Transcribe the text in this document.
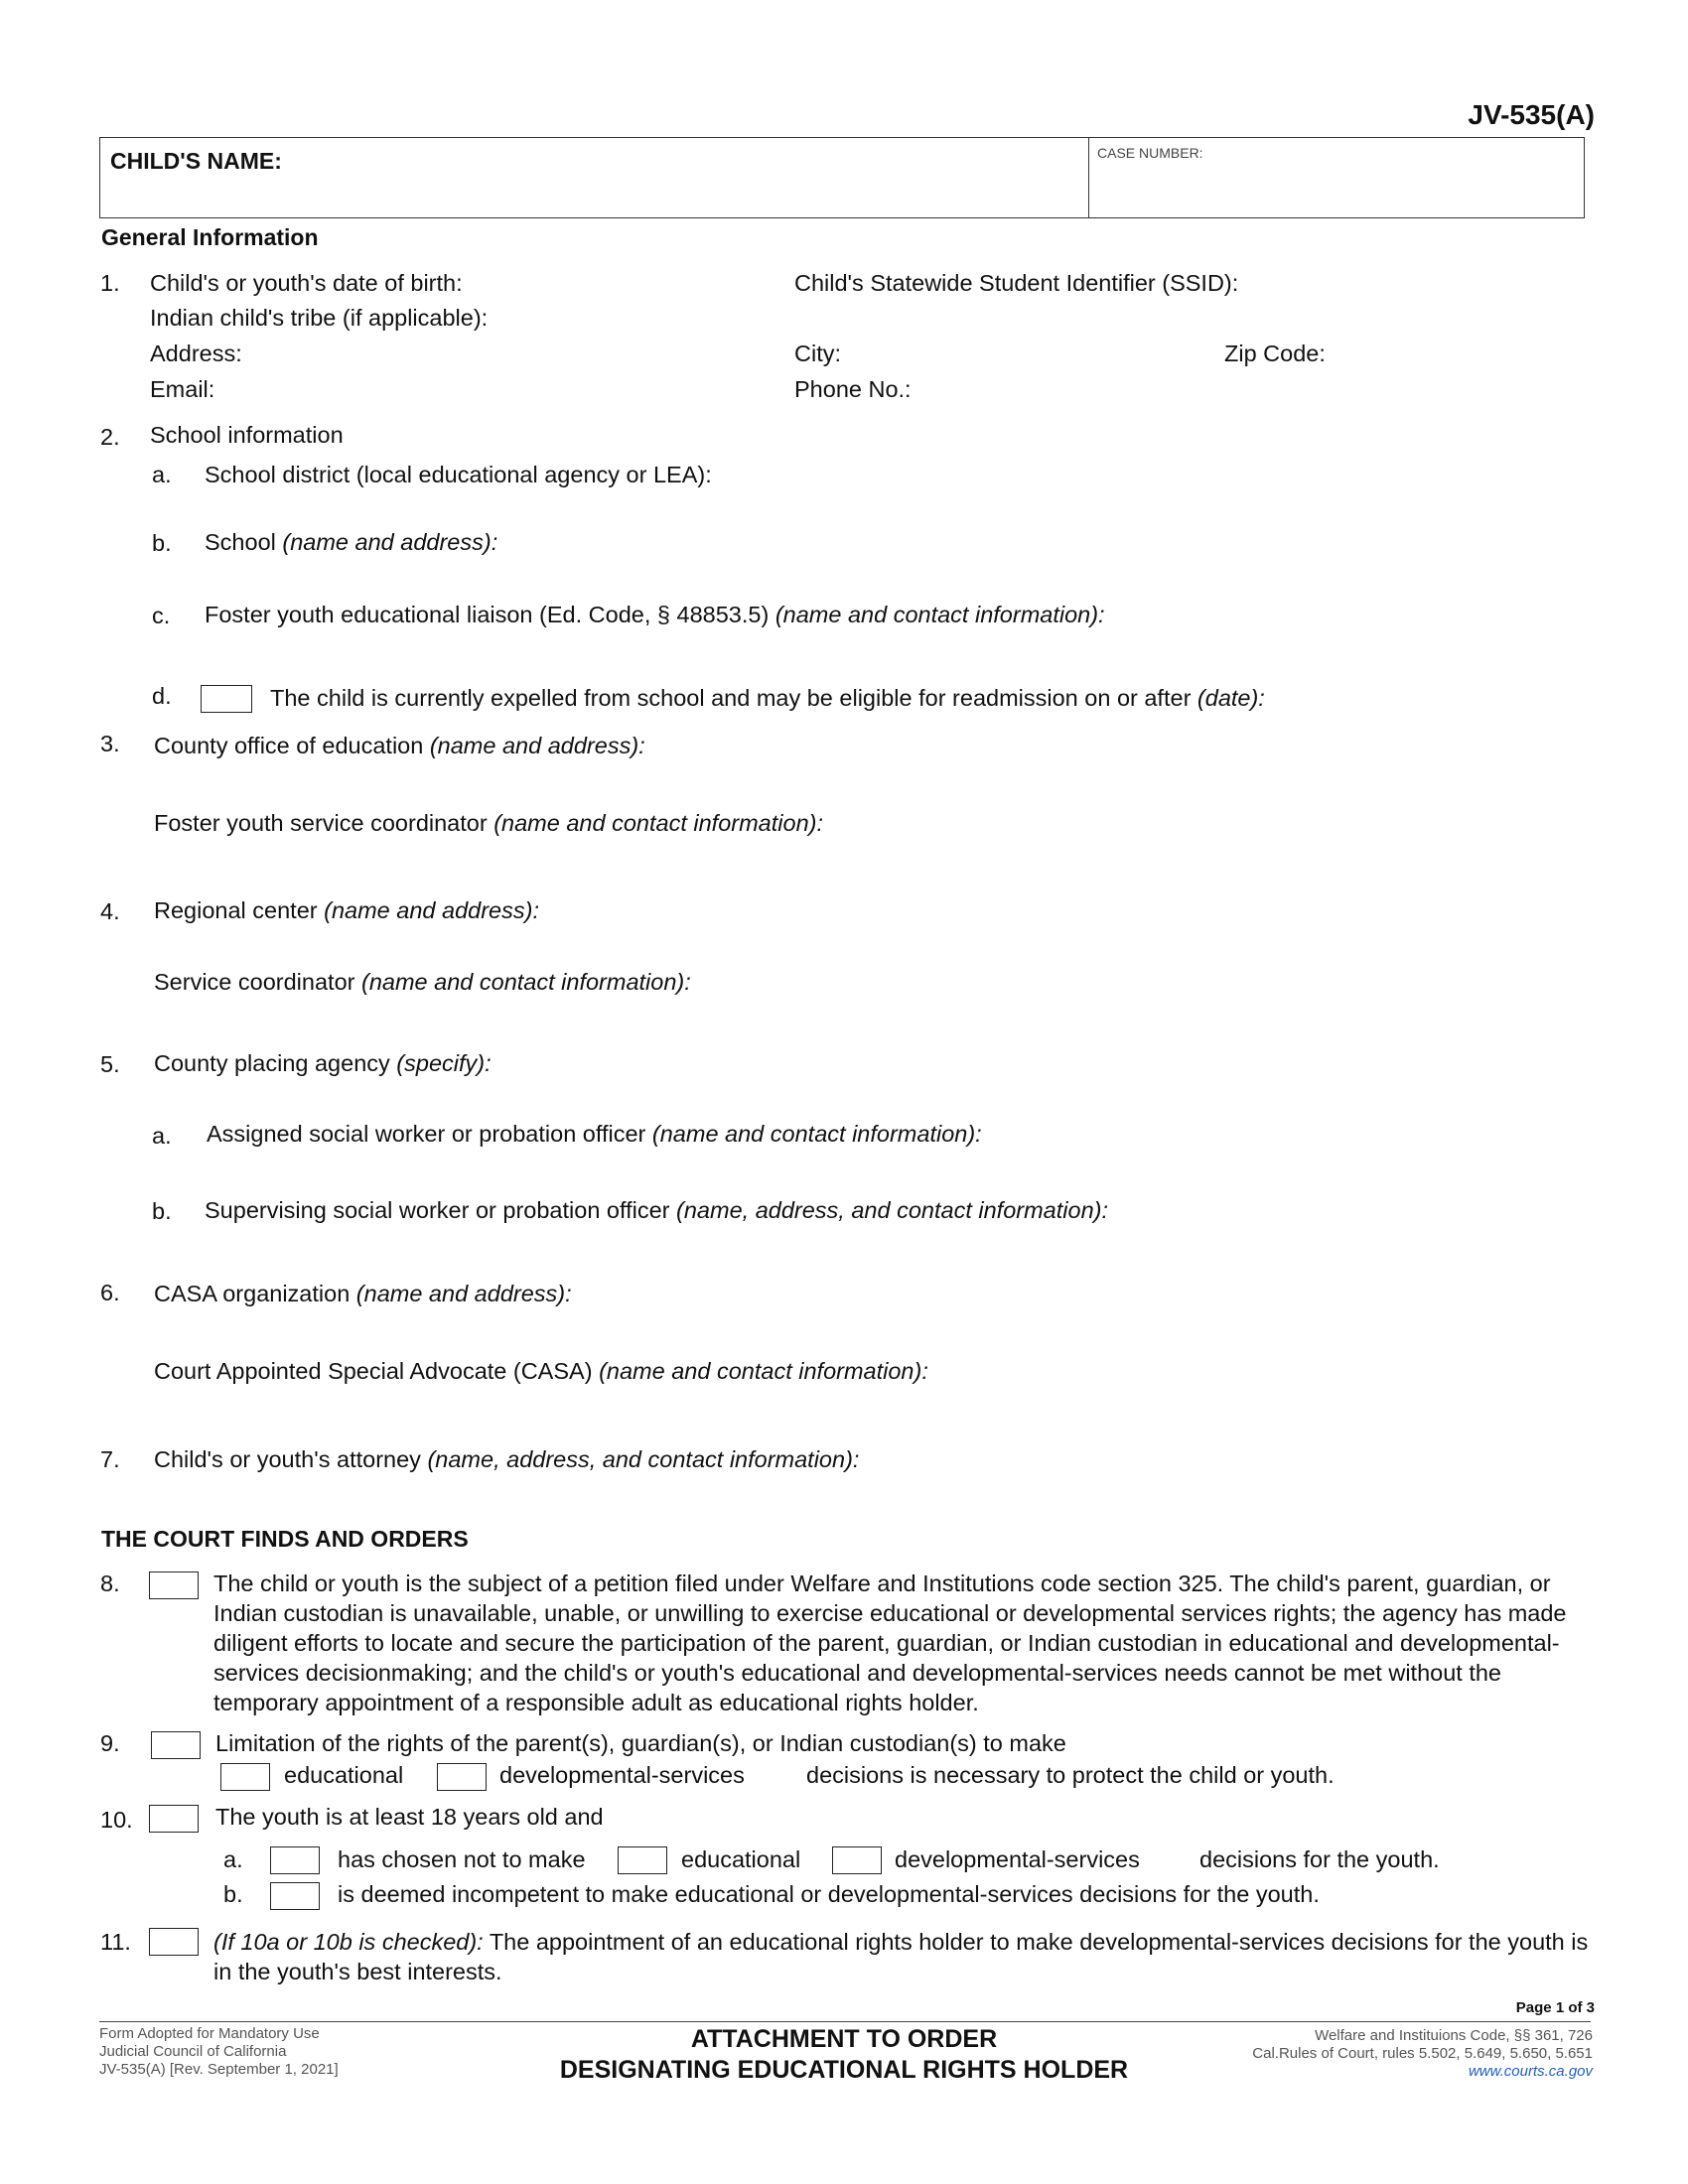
JV-535(A)
CHILD'S NAME:	CASE NUMBER:
General Information
1. Child's or youth's date of birth:	Child's Statewide Student Identifier (SSID):
Indian child's tribe (if applicable):
Address:	City:	Zip Code:
Email:	Phone No.:
2. School information
a. School district (local educational agency or LEA):
b. School (name and address):
c. Foster youth educational liaison (Ed. Code, § 48853.5) (name and contact information):
d.	The child is currently expelled from school and may be eligible for readmission on or after (date):
3. County office of education (name and address):
Foster youth service coordinator (name and contact information):
4. Regional center (name and address):
Service coordinator (name and contact information):
5. County placing agency (specify):
a. Assigned social worker or probation officer (name and contact information):
b. Supervising social worker or probation officer (name, address, and contact information):
6. CASA organization (name and address):
Court Appointed Special Advocate (CASA) (name and contact information):
7. Child's or youth's attorney (name, address, and contact information):
THE COURT FINDS AND ORDERS
8.	The child or youth is the subject of a petition filed under Welfare and Institutions code section 325. The child's parent, guardian, or Indian custodian is unavailable, unable, or unwilling to exercise educational or developmental services rights; the agency has made diligent efforts to locate and secure the participation of the parent, guardian, or Indian custodian in educational and developmental-services decisionmaking; and the child's or youth's educational and developmental-services needs cannot be met without the temporary appointment of a responsible adult as educational rights holder.
9.	Limitation of the rights of the parent(s), guardian(s), or Indian custodian(s) to make
educational	developmental-services	decisions is necessary to protect the child or youth.
10.	The youth is at least 18 years old and
a.	has chosen not to make	educational	developmental-services	decisions for the youth.
b.	is deemed incompetent to make educational or developmental-services decisions for the youth.
11.	(If 10a or 10b is checked): The appointment of an educational rights holder to make developmental-services decisions for the youth is in the youth's best interests.
Page 1 of 3
Form Adopted for Mandatory Use
Judicial Council of California
JV-535(A) [Rev. September 1, 2021]
ATTACHMENT TO ORDER
DESIGNATING EDUCATIONAL RIGHTS HOLDER
Welfare and Instituions Code, §§ 361, 726
Cal.Rules of Court, rules 5.502, 5.649, 5.650, 5.651
www.courts.ca.gov
